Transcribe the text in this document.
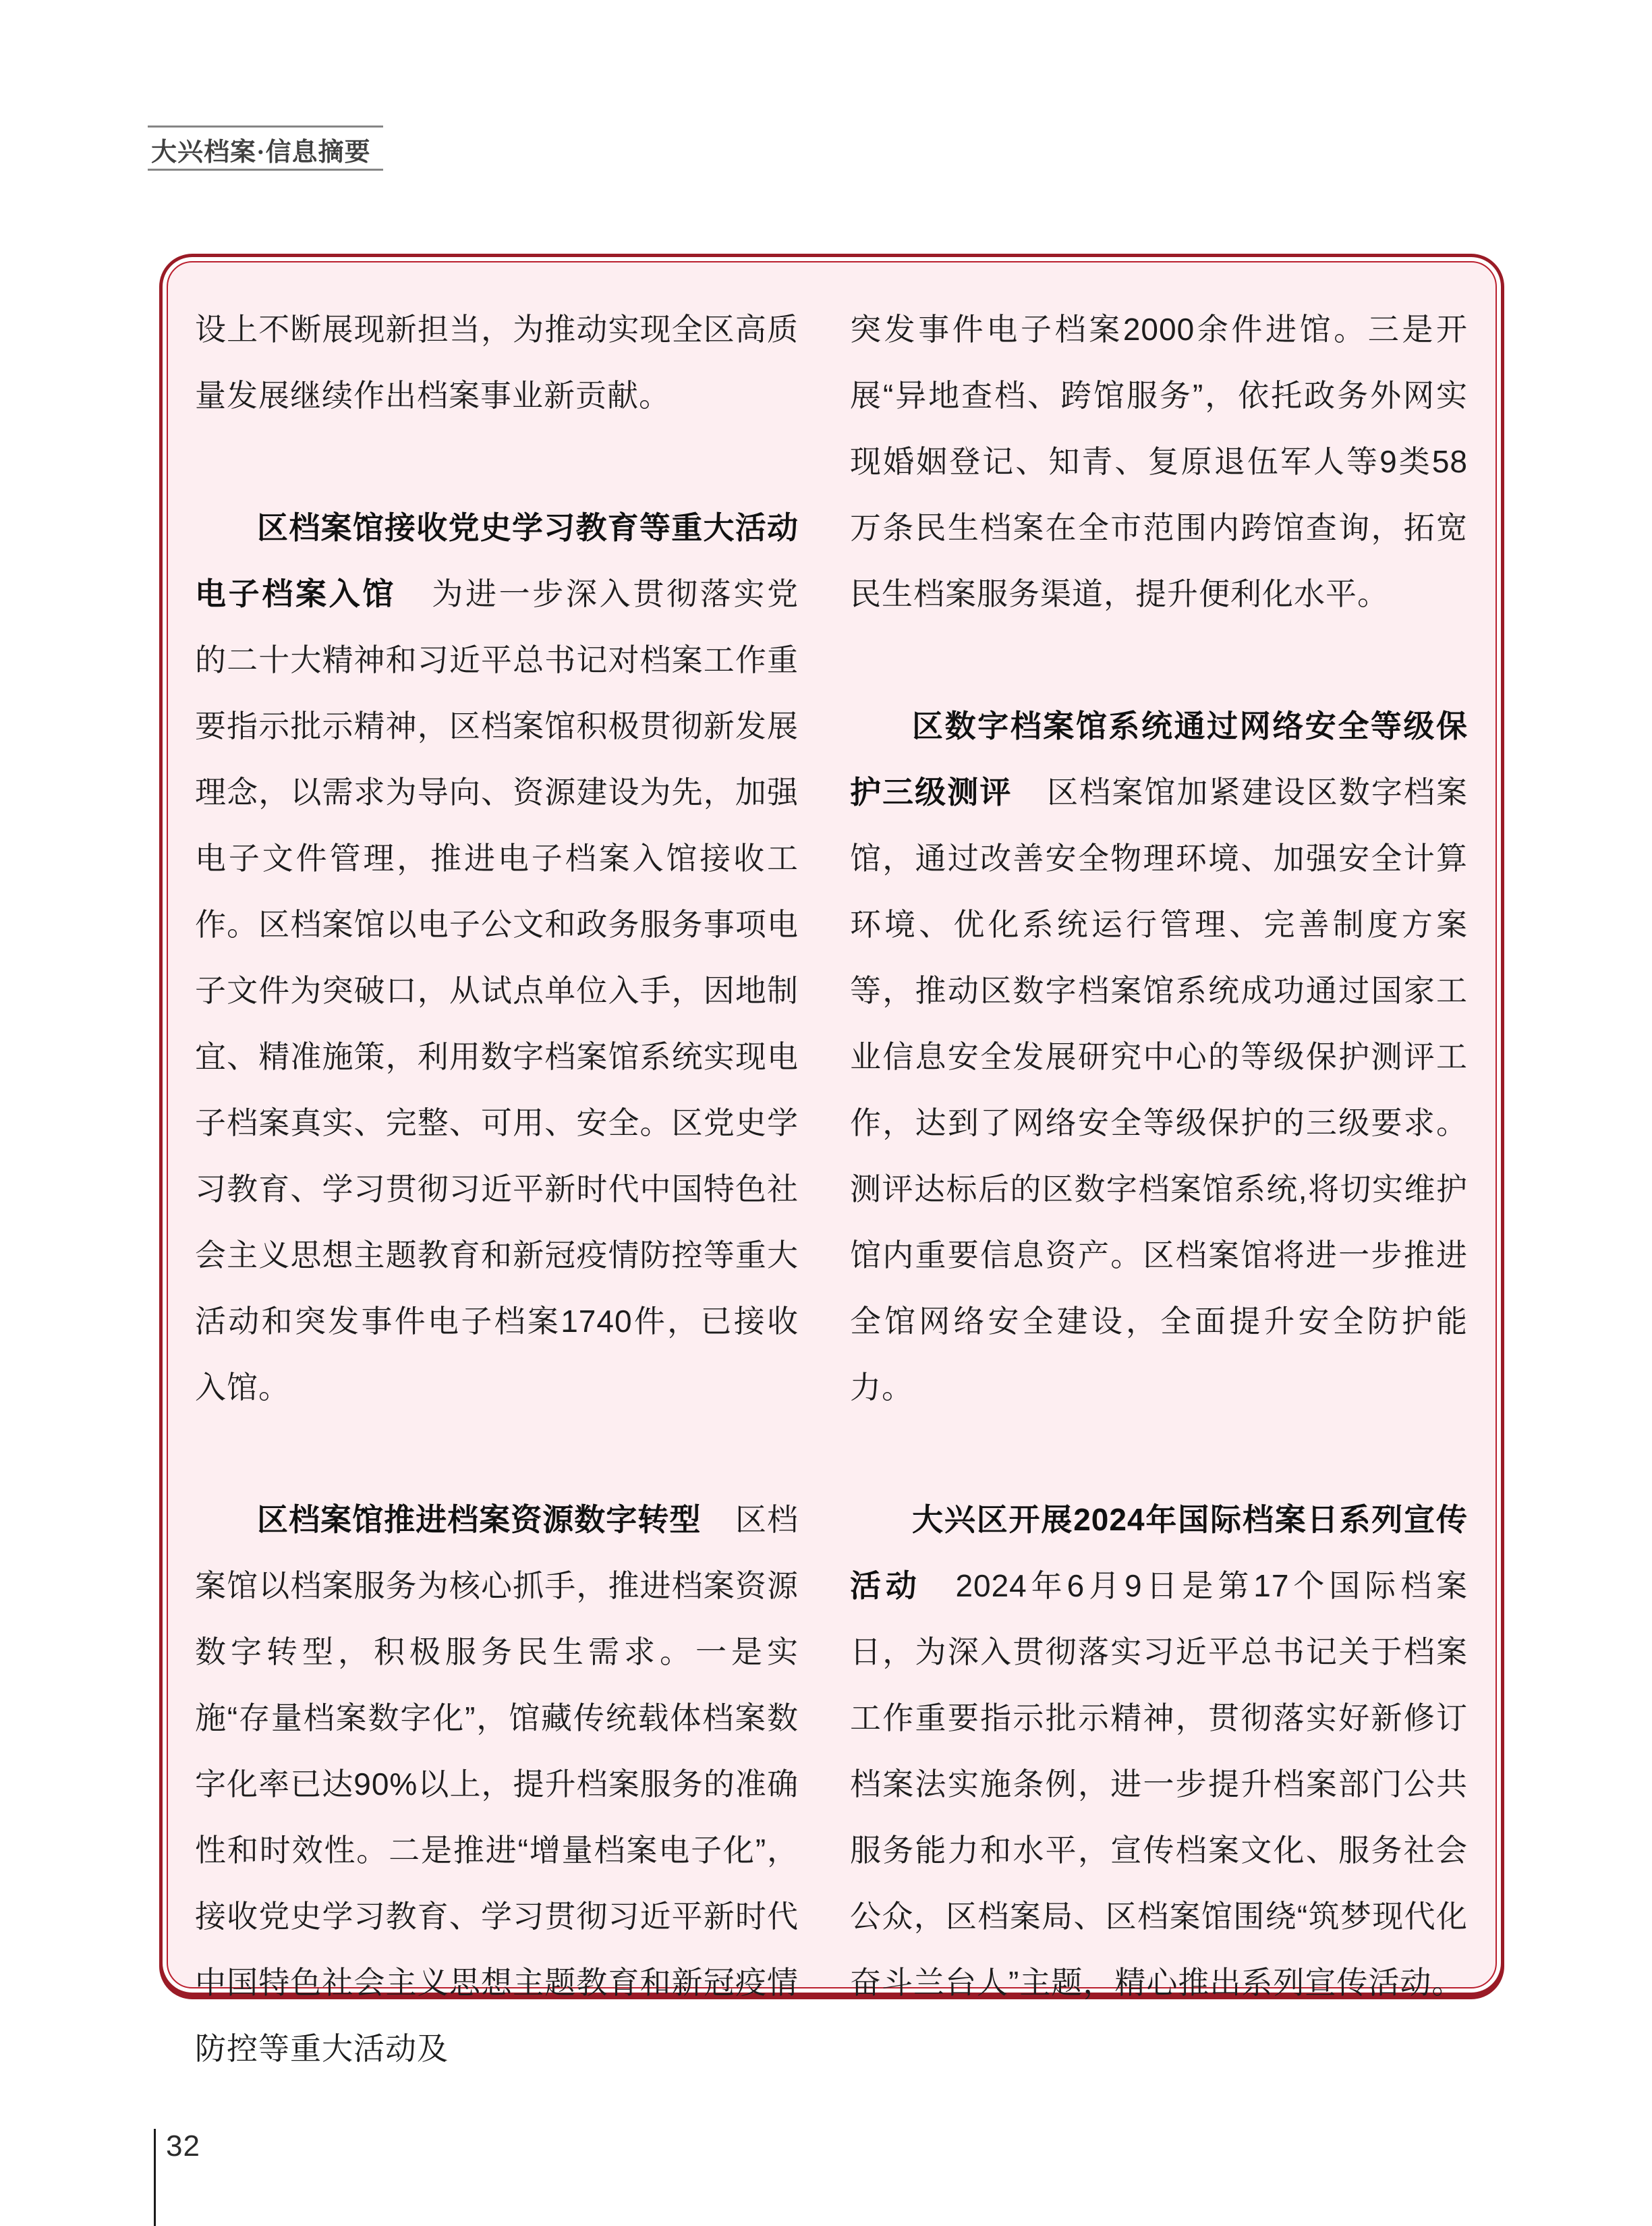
大兴档案·信息摘要

设上不断展现新担当，为推动实现全区高质量发展继续作出档案事业新贡献。

区档案馆接收党史学习教育等重大活动电子档案入馆 为进一步深入贯彻落实党的二十大精神和习近平总书记对档案工作重要指示批示精神，区档案馆积极贯彻新发展理念，以需求为导向、资源建设为先，加强电子文件管理，推进电子档案入馆接收工作。区档案馆以电子公文和政务服务事项电子文件为突破口，从试点单位入手，因地制宜、精准施策，利用数字档案馆系统实现电子档案真实、完整、可用、安全。区党史学习教育、学习贯彻习近平新时代中国特色社会主义思想主题教育和新冠疫情防控等重大活动和突发事件电子档案1740件，已接收入馆。

区档案馆推进档案资源数字转型 区档案馆以档案服务为核心抓手，推进档案资源数字转型，积极服务民生需求。一是实施“存量档案数字化”，馆藏传统载体档案数字化率已达90%以上，提升档案服务的准确性和时效性。二是推进“增量档案电子化”，接收党史学习教育、学习贯彻习近平新时代中国特色社会主义思想主题教育和新冠疫情防控等重大活动及

突发事件电子档案2000余件进馆。三是开展“异地查档、跨馆服务”，依托政务外网实现婚姻登记、知青、复原退伍军人等9类58万条民生档案在全市范围内跨馆查询，拓宽民生档案服务渠道，提升便利化水平。

区数字档案馆系统通过网络安全等级保护三级测评 区档案馆加紧建设区数字档案馆，通过改善安全物理环境、加强安全计算环境、优化系统运行管理、完善制度方案等，推动区数字档案馆系统成功通过国家工业信息安全发展研究中心的等级保护测评工作，达到了网络安全等级保护的三级要求。测评达标后的区数字档案馆系统,将切实维护馆内重要信息资产。区档案馆将进一步推进全馆网络安全建设，全面提升安全防护能力。

大兴区开展2024年国际档案日系列宣传活动 2024年6月9日是第17个国际档案日，为深入贯彻落实习近平总书记关于档案工作重要指示批示精神，贯彻落实好新修订档案法实施条例，进一步提升档案部门公共服务能力和水平，宣传档案文化、服务社会公众，区档案局、区档案馆围绕“筑梦现代化 奋斗兰台人”主题，精心推出系列宣传活动。

32
